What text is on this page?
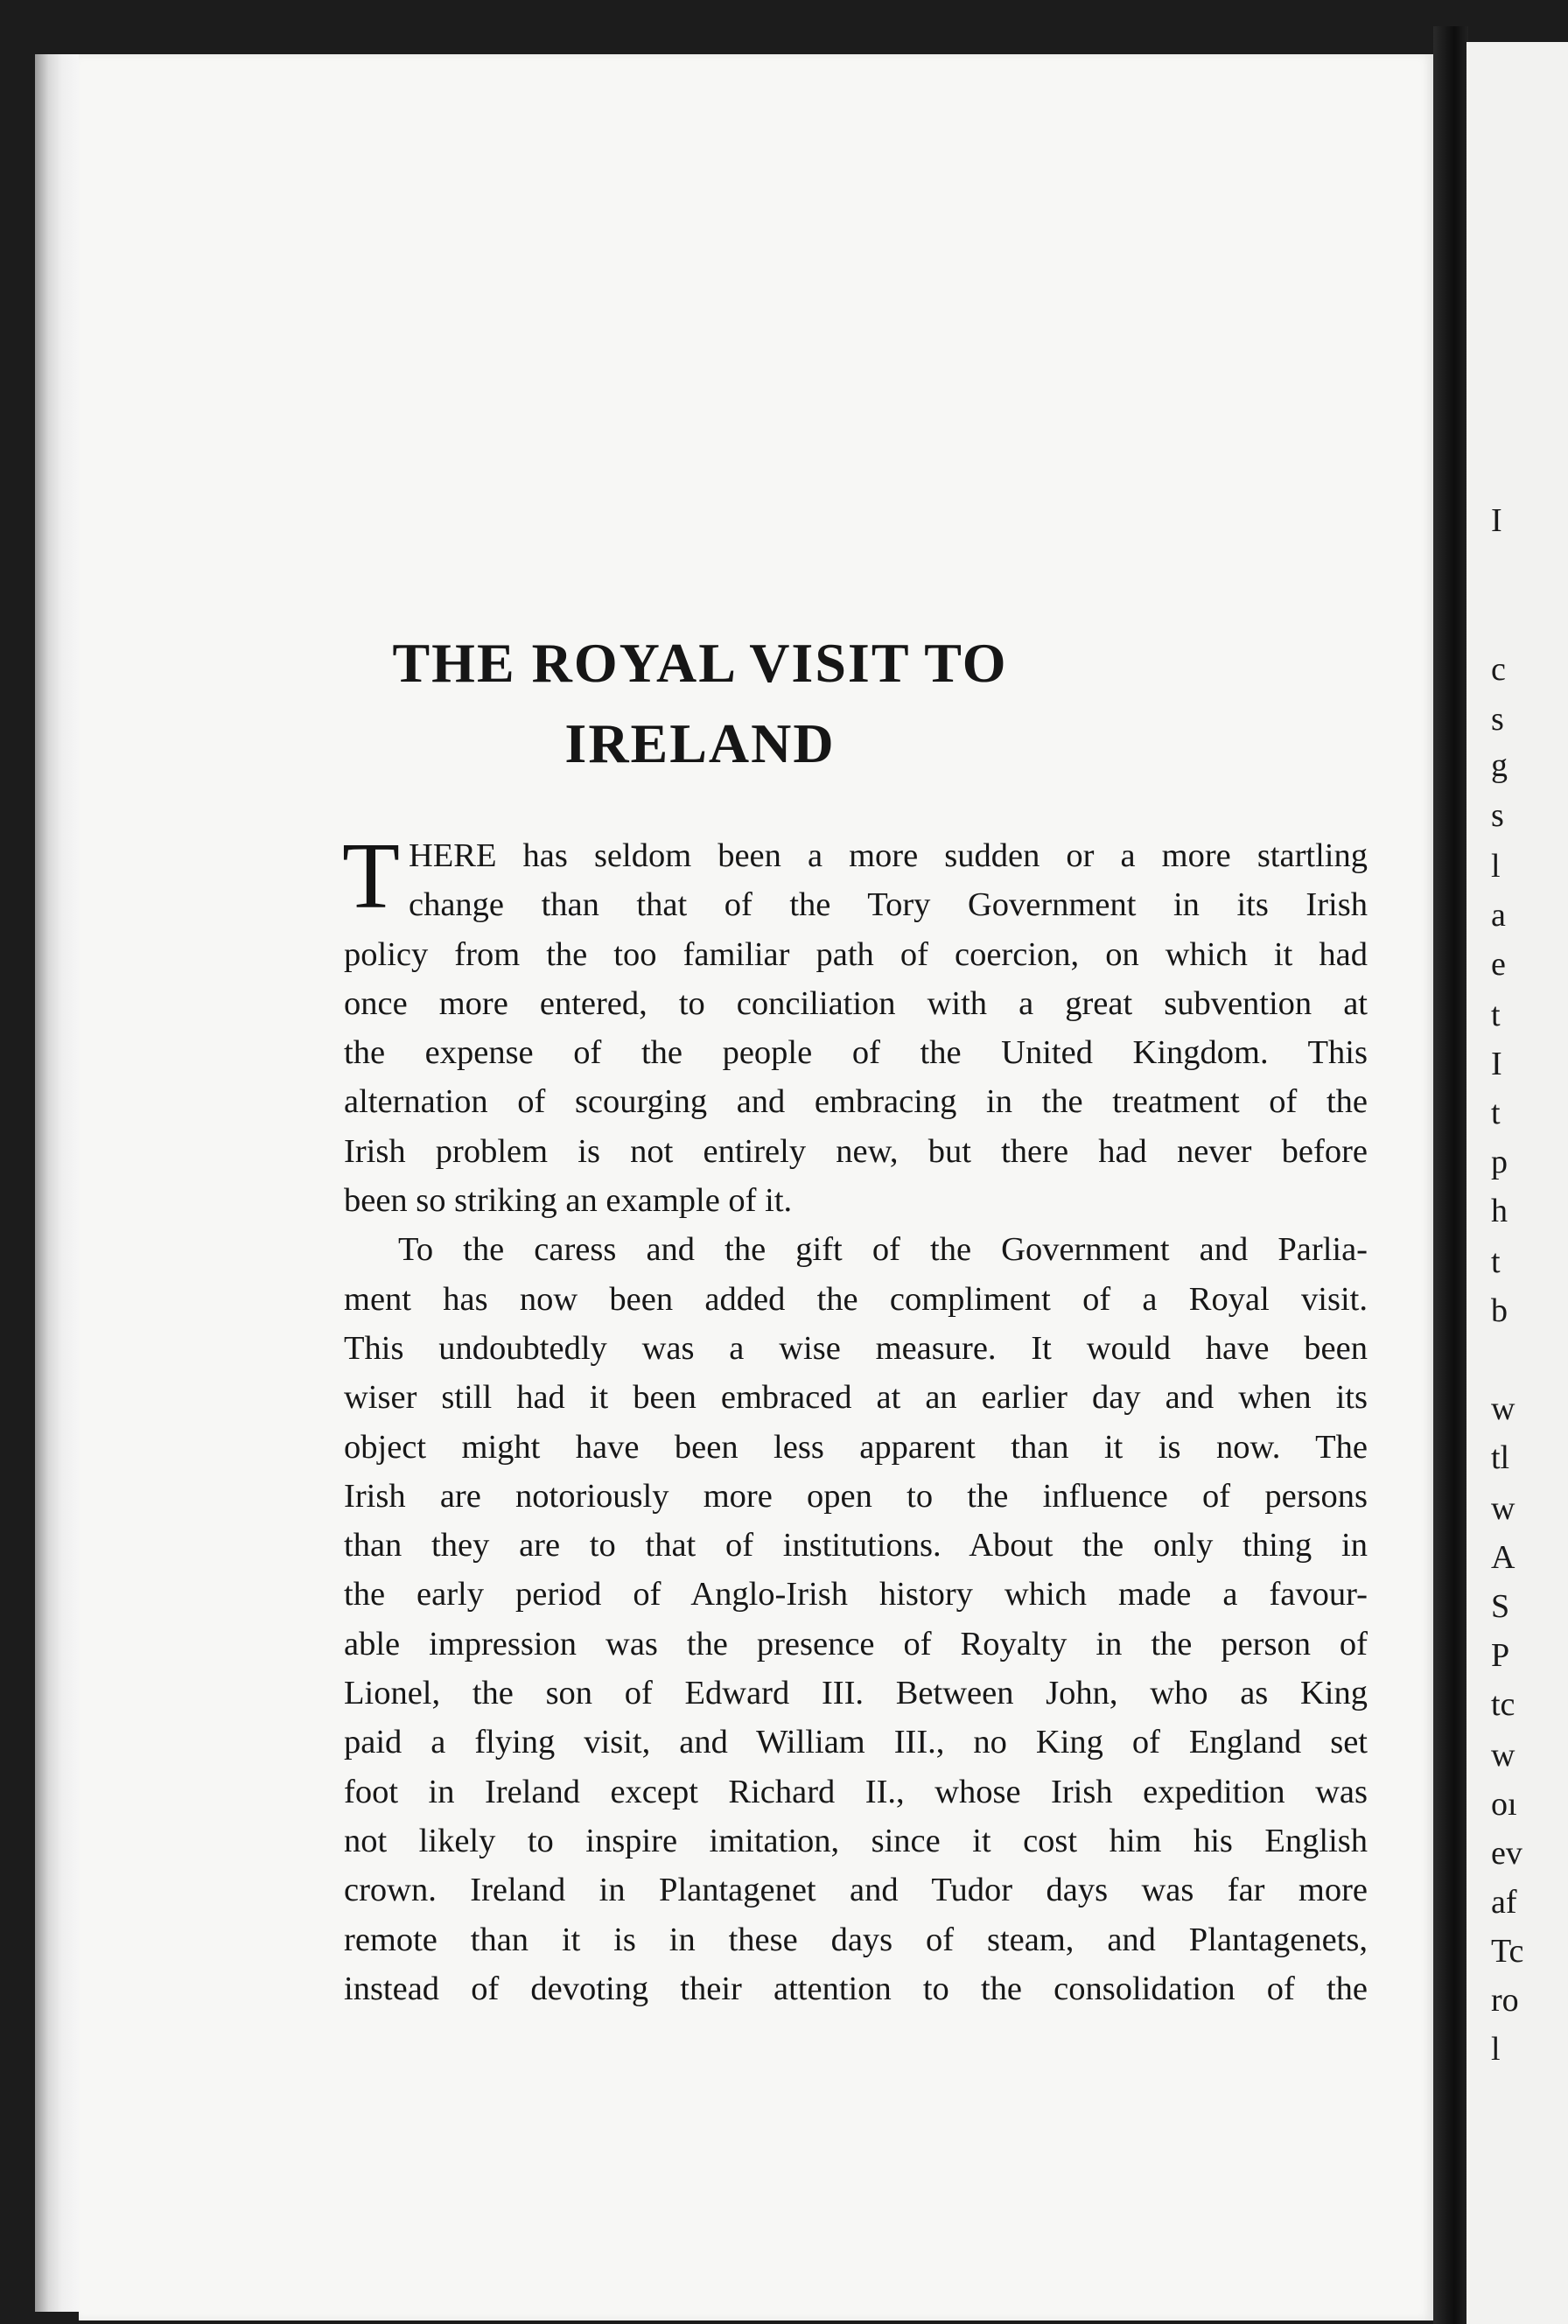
THE ROYAL VISIT TO
IRELAND
T HERE has seldom been a more sudden or a more startling
change than that of the Tory Government in its Irish
policy from the too familiar path of coercion, on which it had
once more entered, to conciliation with a great subvention at
the expense of the people of the United Kingdom. This
alternation of scourging and embracing in the treatment of the
Irish problem is not entirely new, but there had never before
been so striking an example of it.
To the caress and the gift of the Government and Parlia-
ment has now been added the compliment of a Royal visit.
This undoubtedly was a wise measure. It would have been
wiser still had it been embraced at an earlier day and when its
object might have been less apparent than it is now. The
Irish are notoriously more open to the influence of persons
than they are to that of institutions. About the only thing in
the early period of Anglo-Irish history which made a favour-
able impression was the presence of Royalty in the person of
Lionel, the son of Edward III. Between John, who as King
paid a flying visit, and William III., no King of England set
foot in Ireland except Richard II., whose Irish expedition was
not likely to inspire imitation, since it cost him his English
crown. Ireland in Plantagenet and Tudor days was far more
remote than it is in these days of steam, and Plantagenets,
instead of devoting their attention to the consolidation of the
I
c
s
g
s
l
a
e
t
I
t
p
h
t
b
w
tl
w
A
S
P
tc
w
oı
ev
af
Tc
ro
l
